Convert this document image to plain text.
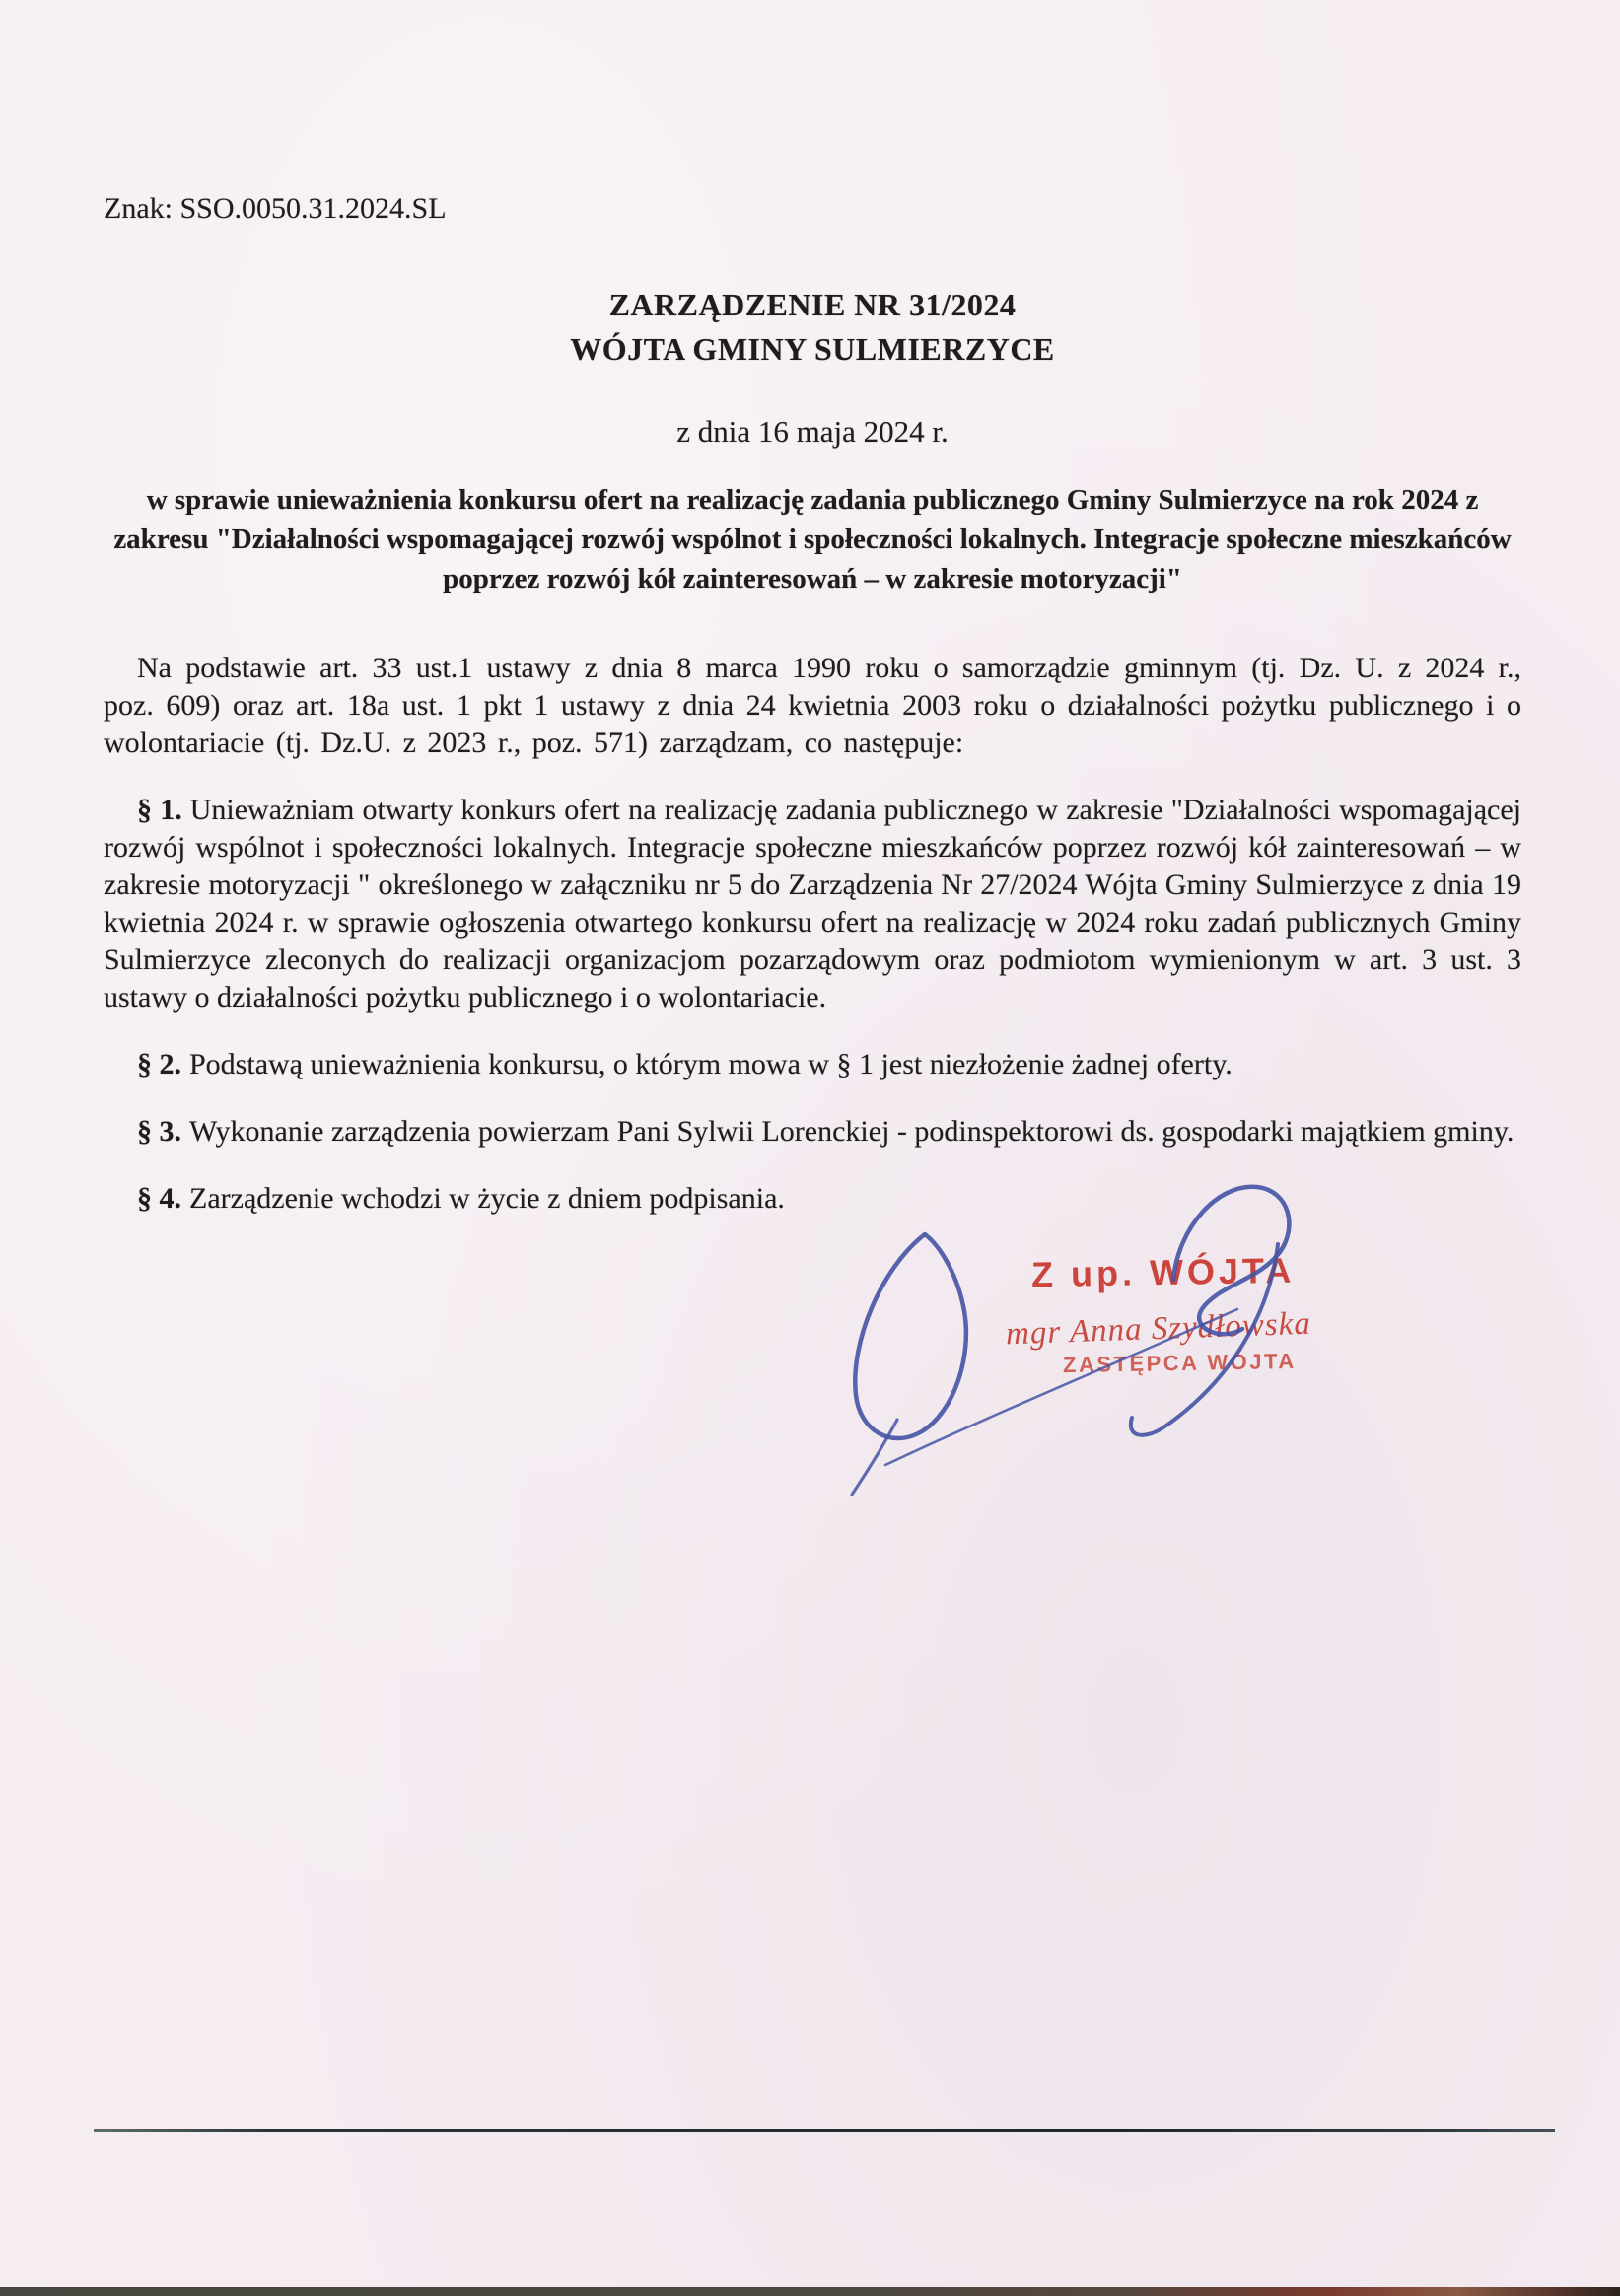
Znak: SSO.0050.31.2024.SL
ZARZĄDZENIE NR 31/2024
WÓJTA GMINY SULMIERZYCE
z dnia 16 maja 2024 r.
w sprawie unieważnienia konkursu ofert na realizację zadania publicznego Gminy Sulmierzyce na rok 2024 z zakresu "Działalności wspomagającej rozwój wspólnot i społeczności lokalnych. Integracje społeczne mieszkańców poprzez rozwój kół zainteresowań – w zakresie motoryzacji"

Na podstawie art. 33 ust.1 ustawy z dnia 8 marca 1990 roku o samorządzie gminnym (tj. Dz. U. z 2024 r., poz. 609) oraz art. 18a ust. 1 pkt 1 ustawy z dnia 24 kwietnia 2003 roku o działalności pożytku publicznego i o wolontariacie (tj. Dz.U. z 2023 r., poz. 571) zarządzam, co następuje:

§ 1. Unieważniam otwarty konkurs ofert na realizację zadania publicznego w zakresie "Działalności wspomagającej rozwój wspólnot i społeczności lokalnych. Integracje społeczne mieszkańców poprzez rozwój kół zainteresowań – w zakresie motoryzacji " określonego w załączniku nr 5 do Zarządzenia Nr 27/2024 Wójta Gminy Sulmierzyce z dnia 19 kwietnia 2024 r. w sprawie ogłoszenia otwartego konkursu ofert na realizację w 2024 roku zadań publicznych Gminy Sulmierzyce zleconych do realizacji organizacjom pozarządowym oraz podmiotom wymienionym w art. 3 ust. 3 ustawy o działalności pożytku publicznego i o wolontariacie.

§ 2. Podstawą unieważnienia konkursu, o którym mowa w § 1 jest niezłożenie żadnej oferty.

§ 3. Wykonanie zarządzenia powierzam Pani Sylwii Lorenckiej - podinspektorowi ds. gospodarki majątkiem gminy.

§ 4. Zarządzenie wchodzi w życie z dniem podpisania.

Z up. WÓJTA
mgr Anna Szydłowska
ZASTĘPCA WÓJTA
